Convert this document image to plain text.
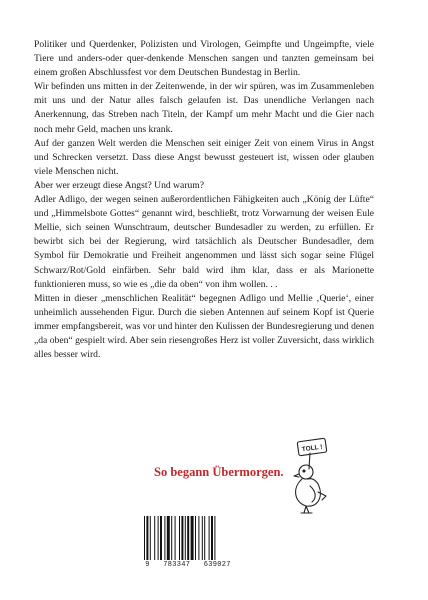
Politiker und Querdenker, Polizisten und Virologen, Geimpfte und Ungeimpfte, viele Tiere und anders-oder quer-denkende Menschen sangen und tanzten gemeinsam bei einem großen Abschlussfest vor dem Deutschen Bundestag in Berlin.

Wir befinden uns mitten in der Zeitenwende, in der wir spüren, was im Zusammenleben mit uns und der Natur alles falsch gelaufen ist. Das unendliche Verlangen nach Anerkennung, das Streben nach Titeln, der Kampf um mehr Macht und die Gier nach noch mehr Geld, machen uns krank.

Auf der ganzen Welt werden die Menschen seit einiger Zeit von einem Virus in Angst und Schrecken versetzt. Dass diese Angst bewusst gesteuert ist, wissen oder glauben viele Menschen nicht.

Aber wer erzeugt diese Angst? Und warum?

Adler Adligo, der wegen seinen außerordentlichen Fähigkeiten auch „König der Lüfte“ und „Himmelsbote Gottes“ genannt wird, beschließt, trotz Vorwarnung der weisen Eule Mellie, sich seinen Wunschtraum, deutscher Bundesadler zu werden, zu erfüllen. Er bewirbt sich bei der Regierung, wird tatsächlich als Deutscher Bundesadler, dem Symbol für Demokratie und Freiheit angenommen und lässt sich sogar seine Flügel Schwarz/Rot/Gold einfärben. Sehr bald wird ihm klar, dass er als Marionette funktionieren muss, so wie es „die da oben“ von ihm wollen. . .

Mitten in dieser „menschlichen Realität“ begegnen Adligo und Mellie ‚Querie‘, einer unheimlich aussehenden Figur. Durch die sieben Antennen auf seinem Kopf ist Querie immer empfangsbereit, was vor und hinter den Kulissen der Bundesregierung und denen „da oben“ gespielt wird. Aber sein riesengroßes Herz ist voller Zuversicht, dass wirklich alles besser wird.

So begann Übermorgen.
TOLL !
9   783347   639027
